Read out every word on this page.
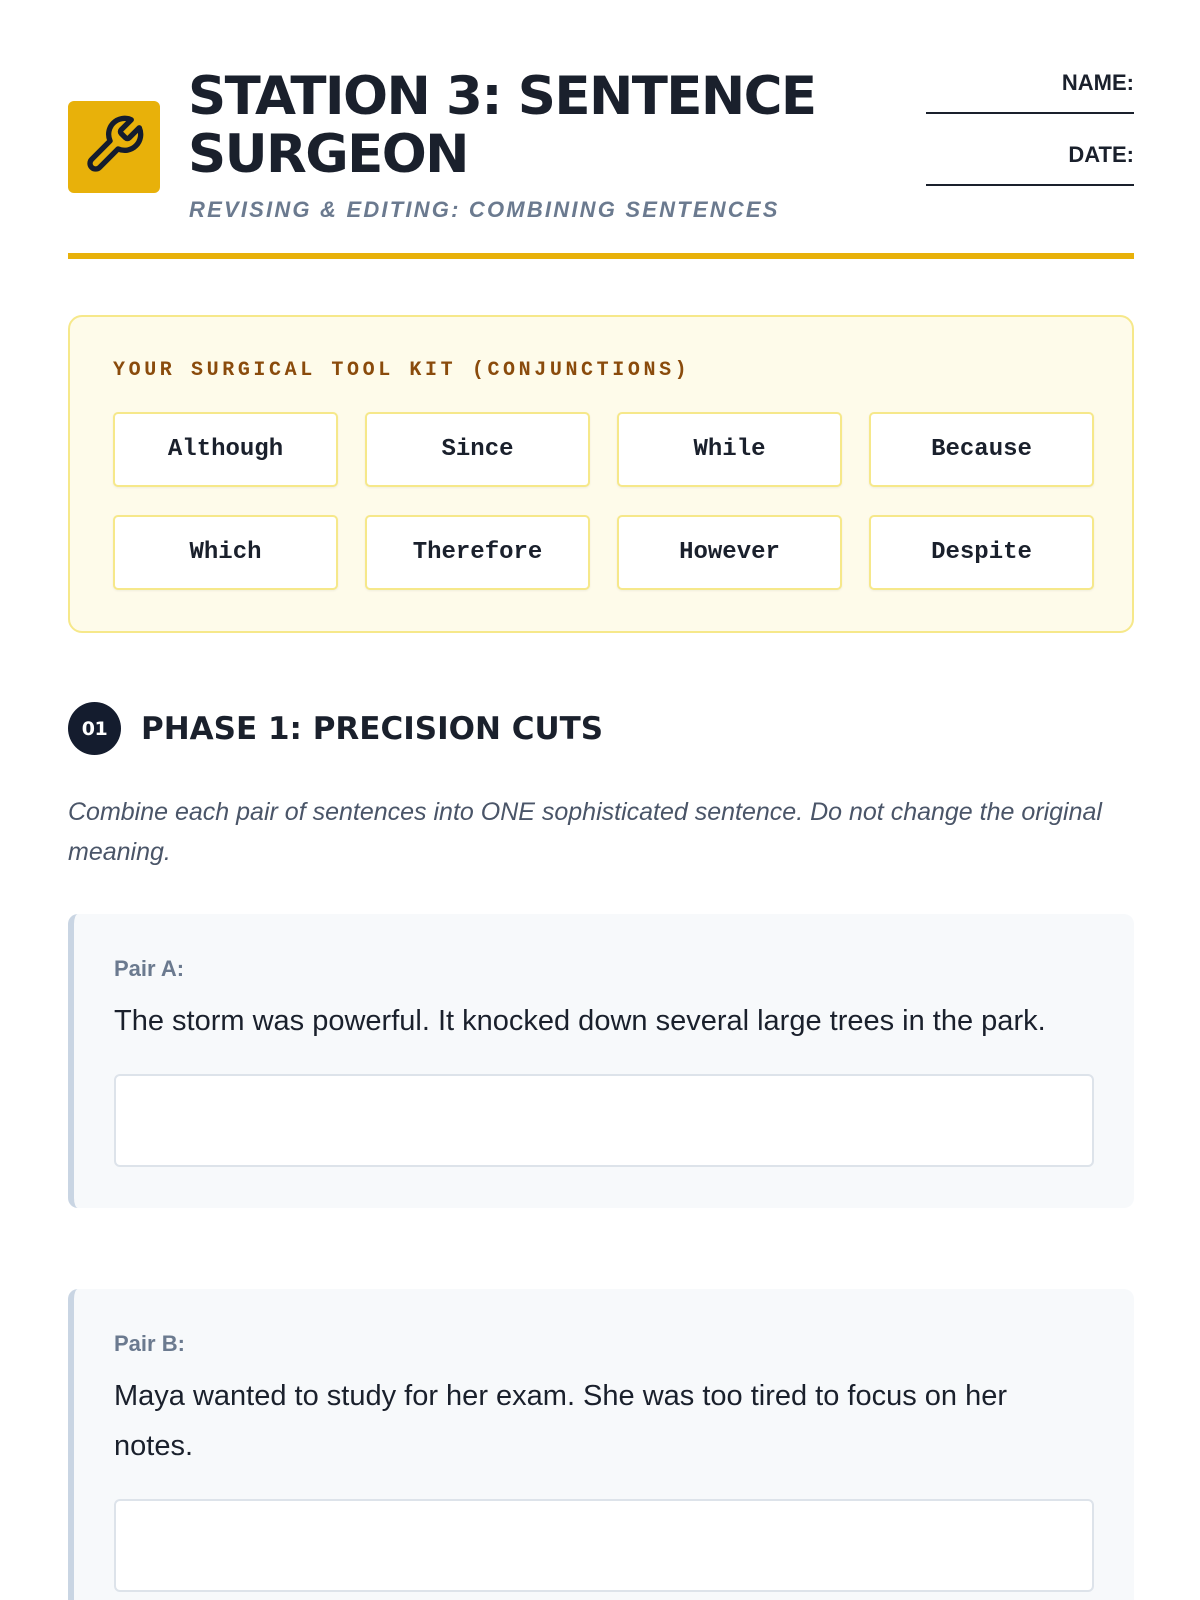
STATION 3: SENTENCE SURGEON
REVISING & EDITING: COMBINING SENTENCES
NAME:
DATE:
YOUR SURGICAL TOOL KIT (CONJUNCTIONS)
Although	Since	While	Because
Which	Therefore	However	Despite
01	PHASE 1: PRECISION CUTS

Combine each pair of sentences into ONE sophisticated sentence. Do not change the original meaning.

Pair A:

The storm was powerful. It knocked down several large trees in the park.

Pair B:

Maya wanted to study for her exam. She was too tired to focus on her notes.
